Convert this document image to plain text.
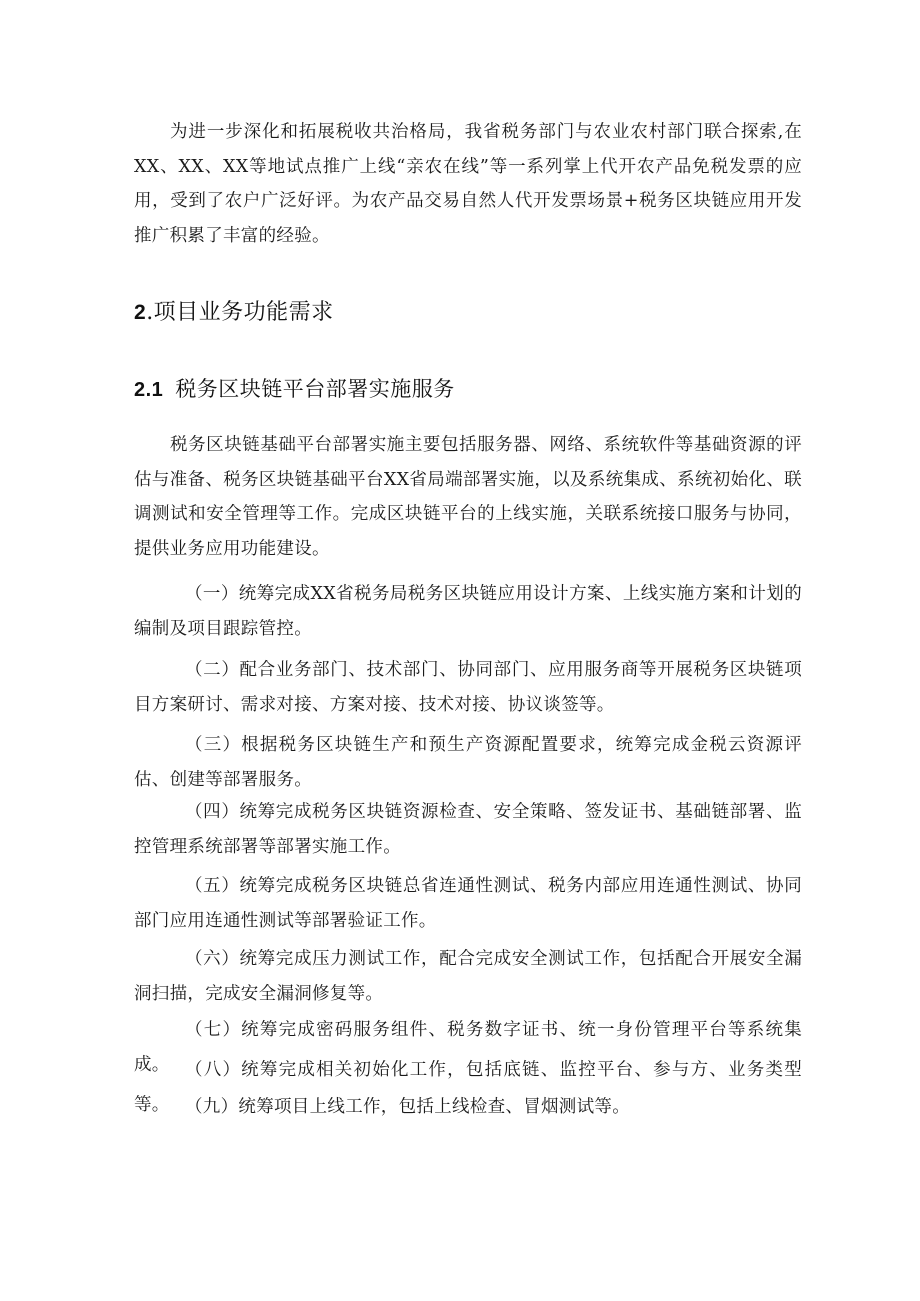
为进一步深化和拓展税收共治格局，我省税务部门与农业农村部门联合探索,在XX、XX、XX等地试点推广上线“亲农在线”等一系列掌上代开农产品免税发票的应用，受到了农户广泛好评。为农产品交易自然人代开发票场景+税务区块链应用开发推广积累了丰富的经验。

2.项目业务功能需求
2.1 税务区块链平台部署实施服务

税务区块链基础平台部署实施主要包括服务器、网络、系统软件等基础资源的评估与准备、税务区块链基础平台XX省局端部署实施，以及系统集成、系统初始化、联调测试和安全管理等工作。完成区块链平台的上线实施，关联系统接口服务与协同，提供业务应用功能建设。

（一）统筹完成XX省税务局税务区块链应用设计方案、上线实施方案和计划的编制及项目跟踪管控。

（二）配合业务部门、技术部门、协同部门、应用服务商等开展税务区块链项目方案研讨、需求对接、方案对接、技术对接、协议谈签等。

（三）根据税务区块链生产和预生产资源配置要求，统筹完成金税云资源评估、创建等部署服务。

（四）统筹完成税务区块链资源检查、安全策略、签发证书、基础链部署、监控管理系统部署等部署实施工作。

（五）统筹完成税务区块链总省连通性测试、税务内部应用连通性测试、协同部门应用连通性测试等部署验证工作。

（六）统筹完成压力测试工作，配合完成安全测试工作，包括配合开展安全漏洞扫描，完成安全漏洞修复等。

（七）统筹完成密码服务组件、税务数字证书、统一身份管理平台等系统集成。 （八）统筹完成相关初始化工作，包括底链、监控平台、参与方、业务类型等。 （九）统筹项目上线工作，包括上线检查、冒烟测试等。
